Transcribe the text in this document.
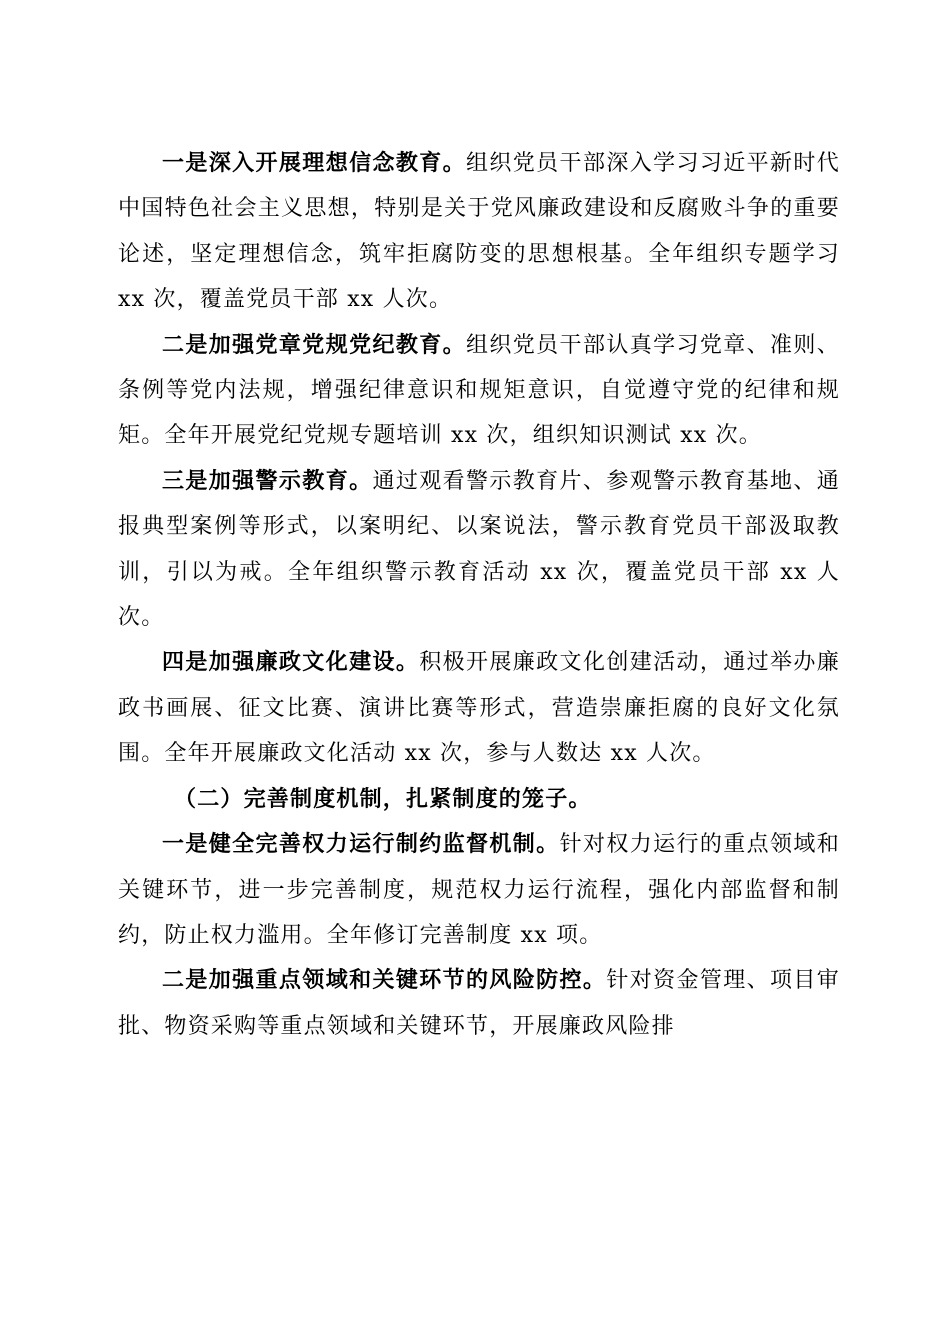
一是深入开展理想信念教育。组织党员干部深入学习习近平新时代中国特色社会主义思想，特别是关于党风廉政建设和反腐败斗争的重要论述，坚定理想信念，筑牢拒腐防变的思想根基。全年组织专题学习 xx 次，覆盖党员干部 xx 人次。

二是加强党章党规党纪教育。组织党员干部认真学习党章、准则、条例等党内法规，增强纪律意识和规矩意识，自觉遵守党的纪律和规矩。全年开展党纪党规专题培训 xx 次，组织知识测试 xx 次。

三是加强警示教育。通过观看警示教育片、参观警示教育基地、通报典型案例等形式，以案明纪、以案说法，警示教育党员干部汲取教训，引以为戒。全年组织警示教育活动 xx 次，覆盖党员干部 xx 人次。

四是加强廉政文化建设。积极开展廉政文化创建活动，通过举办廉政书画展、征文比赛、演讲比赛等形式，营造崇廉拒腐的良好文化氛围。全年开展廉政文化活动 xx 次，参与人数达 xx 人次。

（二）完善制度机制，扎紧制度的笼子。

一是健全完善权力运行制约监督机制。针对权力运行的重点领域和关键环节，进一步完善制度，规范权力运行流程，强化内部监督和制约，防止权力滥用。全年修订完善制度 xx 项。

二是加强重点领域和关键环节的风险防控。针对资金管理、项目审批、物资采购等重点领域和关键环节，开展廉政风险排
